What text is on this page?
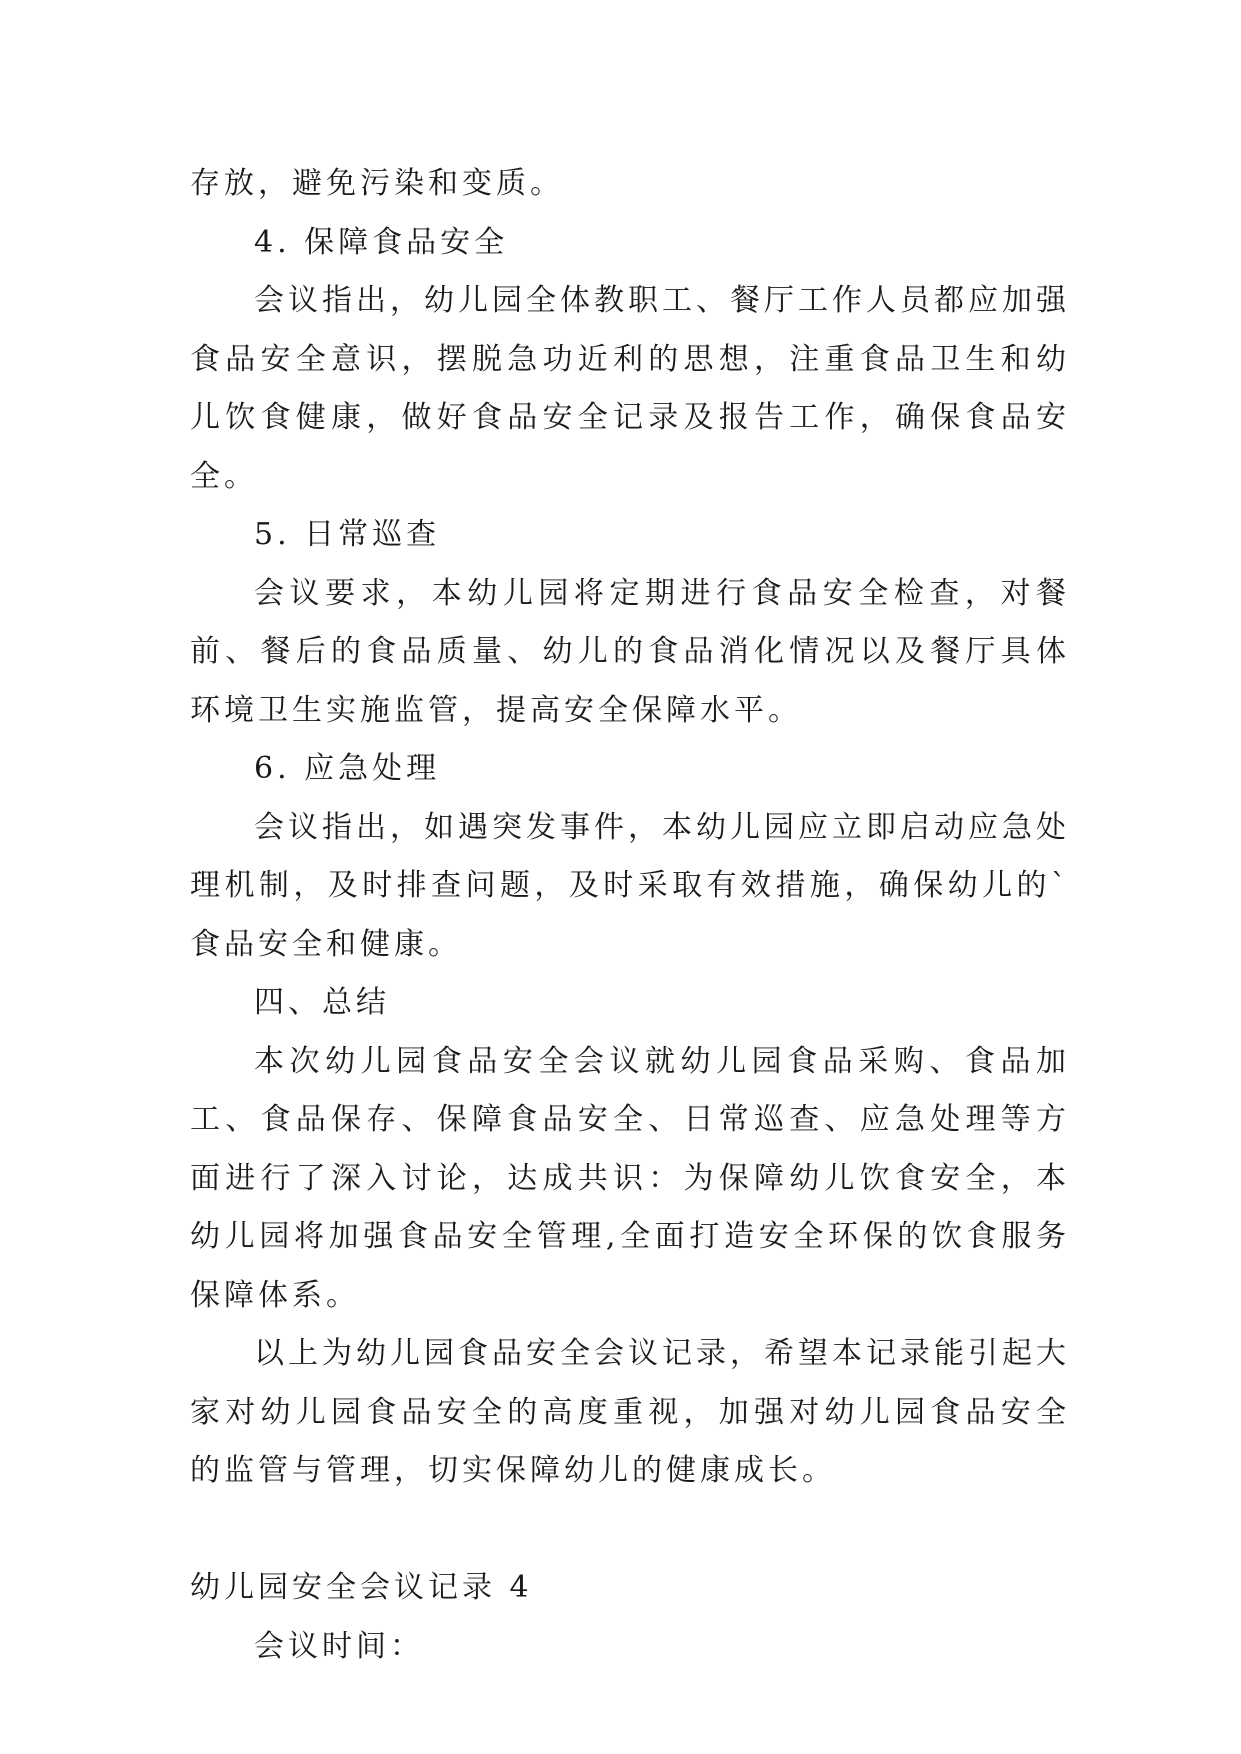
存放，避免污染和变质。

4. 保障食品安全

会议指出，幼儿园全体教职工、餐厅工作人员都应加强食品安全意识，摆脱急功近利的思想，注重食品卫生和幼儿饮食健康，做好食品安全记录及报告工作，确保食品安全。

5. 日常巡查

会议要求，本幼儿园将定期进行食品安全检查，对餐前、餐后的食品质量、幼儿的食品消化情况以及餐厅具体环境卫生实施监管，提高安全保障水平。

6. 应急处理

会议指出，如遇突发事件，本幼儿园应立即启动应急处理机制，及时排查问题，及时采取有效措施，确保幼儿的`食品安全和健康。

四、总结

本次幼儿园食品安全会议就幼儿园食品采购、食品加工、食品保存、保障食品安全、日常巡查、应急处理等方面进行了深入讨论，达成共识：为保障幼儿饮食安全，本幼儿园将加强食品安全管理,全面打造安全环保的饮食服务保障体系。

以上为幼儿园食品安全会议记录，希望本记录能引起大家对幼儿园食品安全的高度重视，加强对幼儿园食品安全的监管与管理，切实保障幼儿的健康成长。

幼儿园安全会议记录 4

会议时间：
